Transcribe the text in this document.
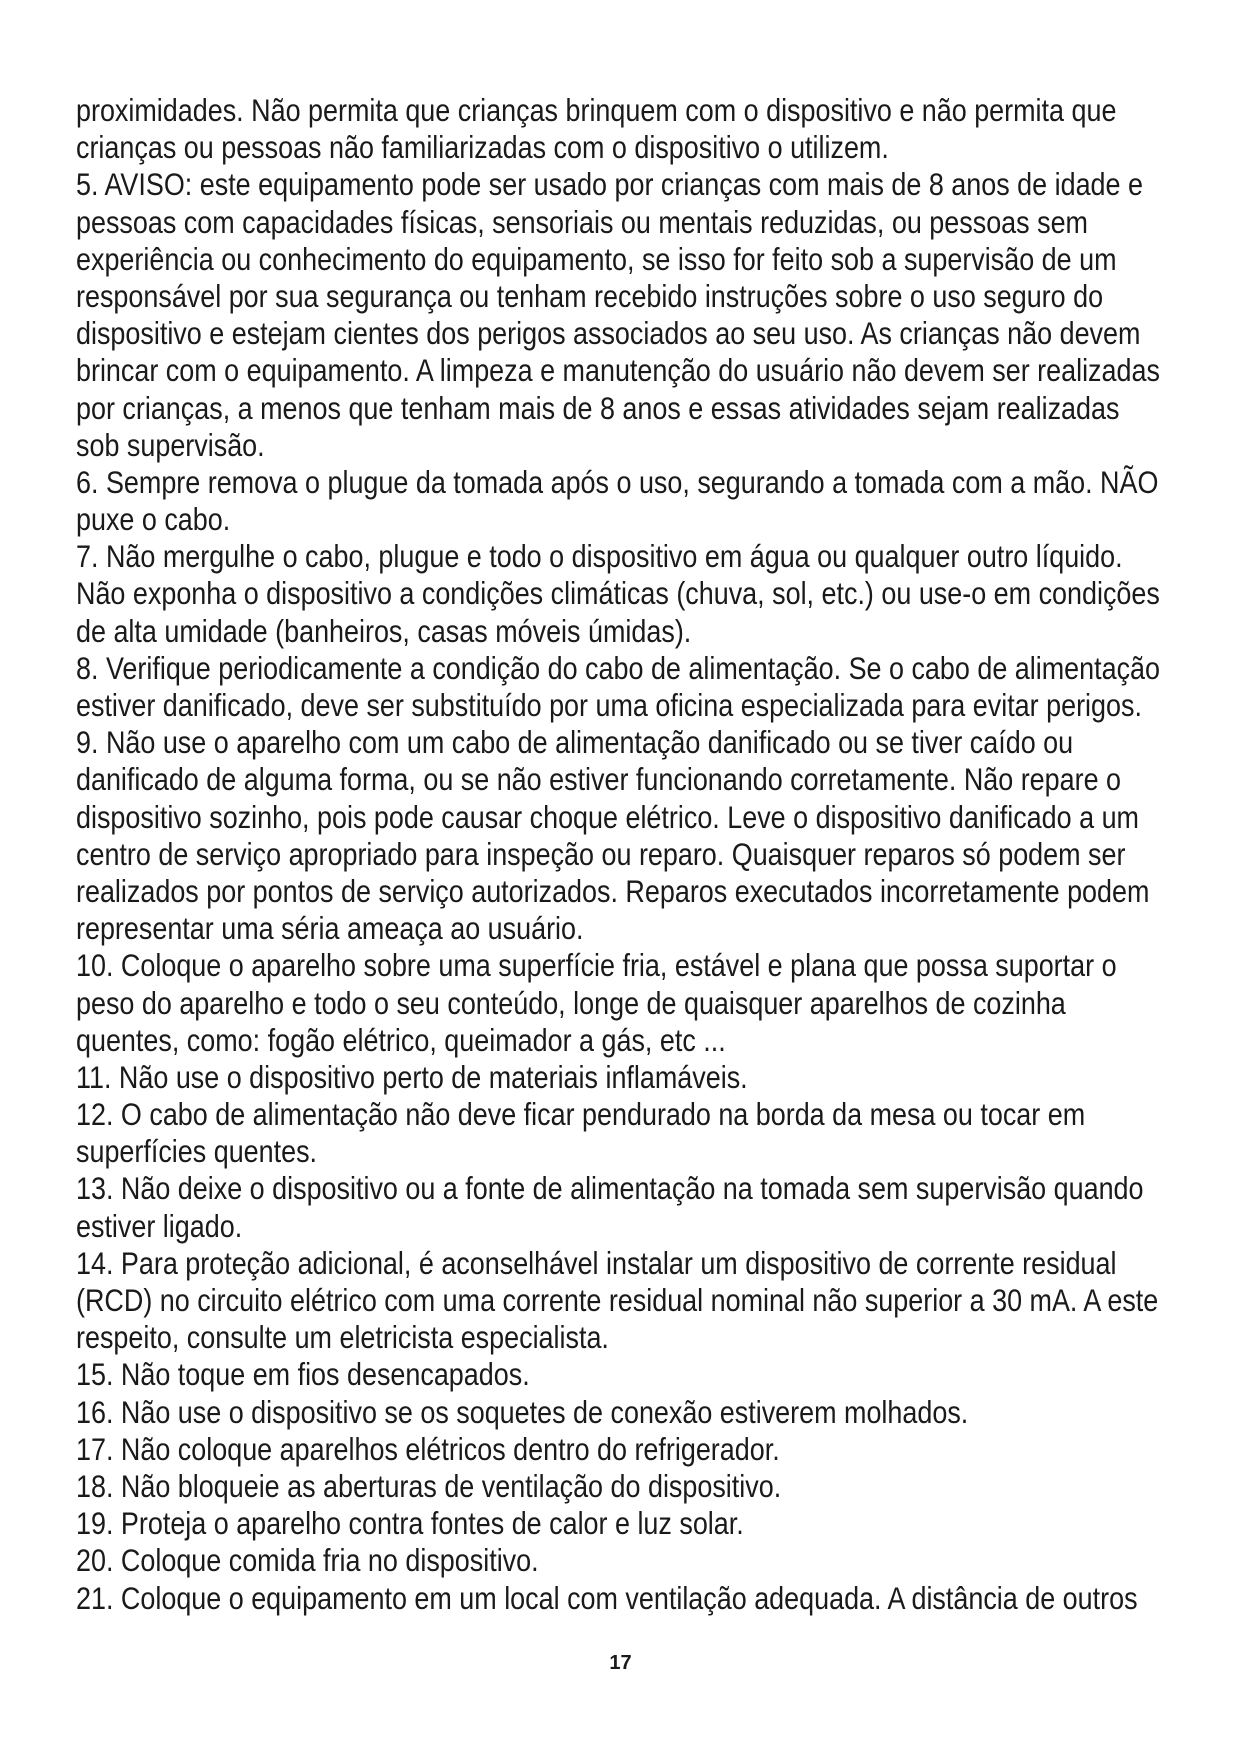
proximidades. Não permita que crianças brinquem com o dispositivo e não permita que
crianças ou pessoas não familiarizadas com o dispositivo o utilizem.
5. AVISO: este equipamento pode ser usado por crianças com mais de 8 anos de idade e
pessoas com capacidades físicas, sensoriais ou mentais reduzidas, ou pessoas sem
experiência ou conhecimento do equipamento, se isso for feito sob a supervisão de um
responsável por sua segurança ou tenham recebido instruções sobre o uso seguro do
dispositivo e estejam cientes dos perigos associados ao seu uso. As crianças não devem
brincar com o equipamento. A limpeza e manutenção do usuário não devem ser realizadas
por crianças, a menos que tenham mais de 8 anos e essas atividades sejam realizadas
sob supervisão.
6. Sempre remova o plugue da tomada após o uso, segurando a tomada com a mão. NÃO
puxe o cabo.
7. Não mergulhe o cabo, plugue e todo o dispositivo em água ou qualquer outro líquido.
Não exponha o dispositivo a condições climáticas (chuva, sol, etc.) ou use-o em condições
de alta umidade (banheiros, casas móveis úmidas).
8. Verifique periodicamente a condição do cabo de alimentação. Se o cabo de alimentação
estiver danificado, deve ser substituído por uma oficina especializada para evitar perigos.
9. Não use o aparelho com um cabo de alimentação danificado ou se tiver caído ou
danificado de alguma forma, ou se não estiver funcionando corretamente. Não repare o
dispositivo sozinho, pois pode causar choque elétrico. Leve o dispositivo danificado a um
centro de serviço apropriado para inspeção ou reparo. Quaisquer reparos só podem ser
realizados por pontos de serviço autorizados. Reparos executados incorretamente podem
representar uma séria ameaça ao usuário.
10. Coloque o aparelho sobre uma superfície fria, estável e plana que possa suportar o
peso do aparelho e todo o seu conteúdo, longe de quaisquer aparelhos de cozinha
quentes, como: fogão elétrico, queimador a gás, etc ...
11. Não use o dispositivo perto de materiais inflamáveis.
12. O cabo de alimentação não deve ficar pendurado na borda da mesa ou tocar em
superfícies quentes.
13. Não deixe o dispositivo ou a fonte de alimentação na tomada sem supervisão quando
estiver ligado.
14. Para proteção adicional, é aconselhável instalar um dispositivo de corrente residual
(RCD) no circuito elétrico com uma corrente residual nominal não superior a 30 mA. A este
respeito, consulte um eletricista especialista.
15. Não toque em fios desencapados.
16. Não use o dispositivo se os soquetes de conexão estiverem molhados.
17. Não coloque aparelhos elétricos dentro do refrigerador.
18. Não bloqueie as aberturas de ventilação do dispositivo.
19. Proteja o aparelho contra fontes de calor e luz solar.
20. Coloque comida fria no dispositivo.
21. Coloque o equipamento em um local com ventilação adequada. A distância de outros
17
